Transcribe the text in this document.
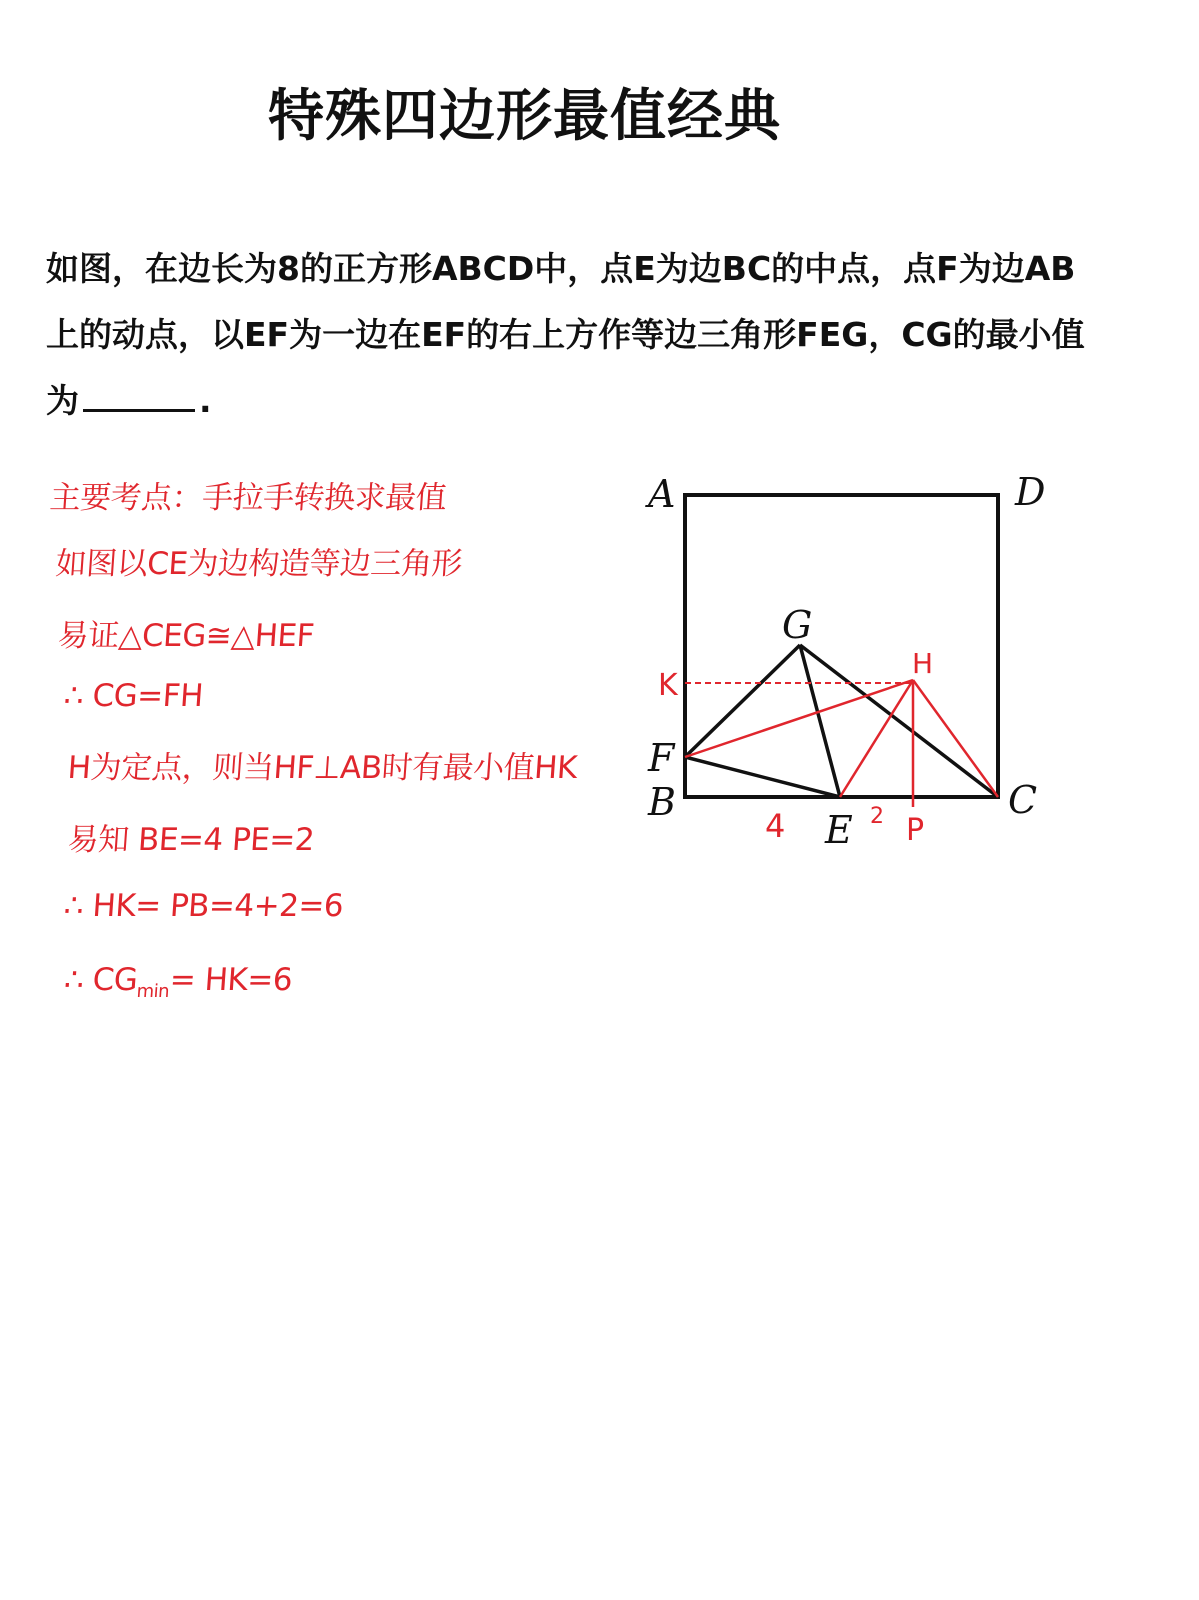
特殊四边形最值经典
如图，在边长为8的正方形ABCD中，点E为边BC的中点，点F为边AB
上的动点，以EF为一边在EF的右上方作等边三角形FEG，CG的最小值
为	.
主要考点：手拉手转换求最值
如图以CE为边构造等边三角形
易证△CEG≅△HEF
∴ CG=FH
H为定点，则当HF⊥AB时有最小值HK
易知 BE=4 PE=2
∴ HK= PB=4+2=6
∴ $CG_{min}= HK=6$
A	D
B	C
F
G
E
H
K
P
4	2
